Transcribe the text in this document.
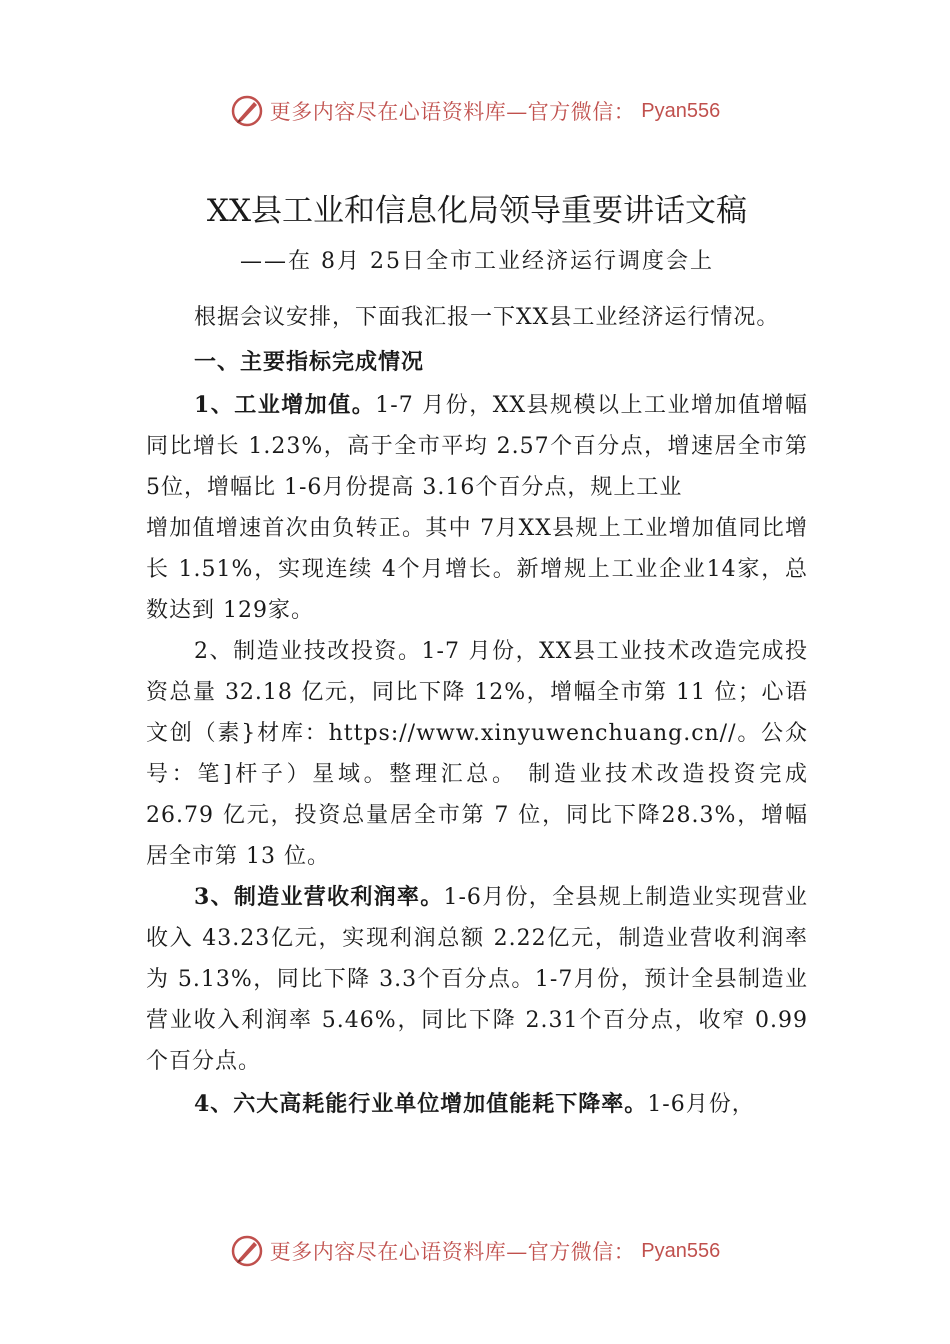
更多内容尽在心语资料库—官方微信： Pyan556
XX县工业和信息化局领导重要讲话文稿
——在 8月 25日全市工业经济运行调度会上

根据会议安排，下面我汇报一下XX县工业经济运行情况。

一、主要指标完成情况

1、工业增加值。1-7 月份，XX县规模以上工业增加值增幅同比增长 1.23%，高于全市平均 2.57个百分点，增速居全市第 5位，增幅比 1-6月份提高 3.16个百分点，规上工业

增加值增速首次由负转正。其中 7月XX县规上工业增加值同比增长 1.51%，实现连续 4个月增长。新增规上工业企业14家，总数达到 129家。

2、制造业技改投资。1-7 月份，XX县工业技术改造完成投资总量 32.18 亿元，同比下降 12%，增幅全市第 11 位；心语文创（素}材库：https://www.xinyuwenchuang.cn//。公众号：笔]杆子）星域。整理汇总。 制造业技术改造投资完成 26.79 亿元，投资总量居全市第 7 位，同比下降28.3%，增幅居全市第 13 位。

3、制造业营收利润率。1-6月份，全县规上制造业实现营业收入 43.23亿元，实现利润总额 2.22亿元，制造业营收利润率为 5.13%，同比下降 3.3个百分点。1-7月份，预计全县制造业营业收入利润率 5.46%，同比下降 2.31个百分点，收窄 0.99个百分点。

4、六大高耗能行业单位增加值能耗下降率。1-6月份，

更多内容尽在心语资料库—官方微信： Pyan556
